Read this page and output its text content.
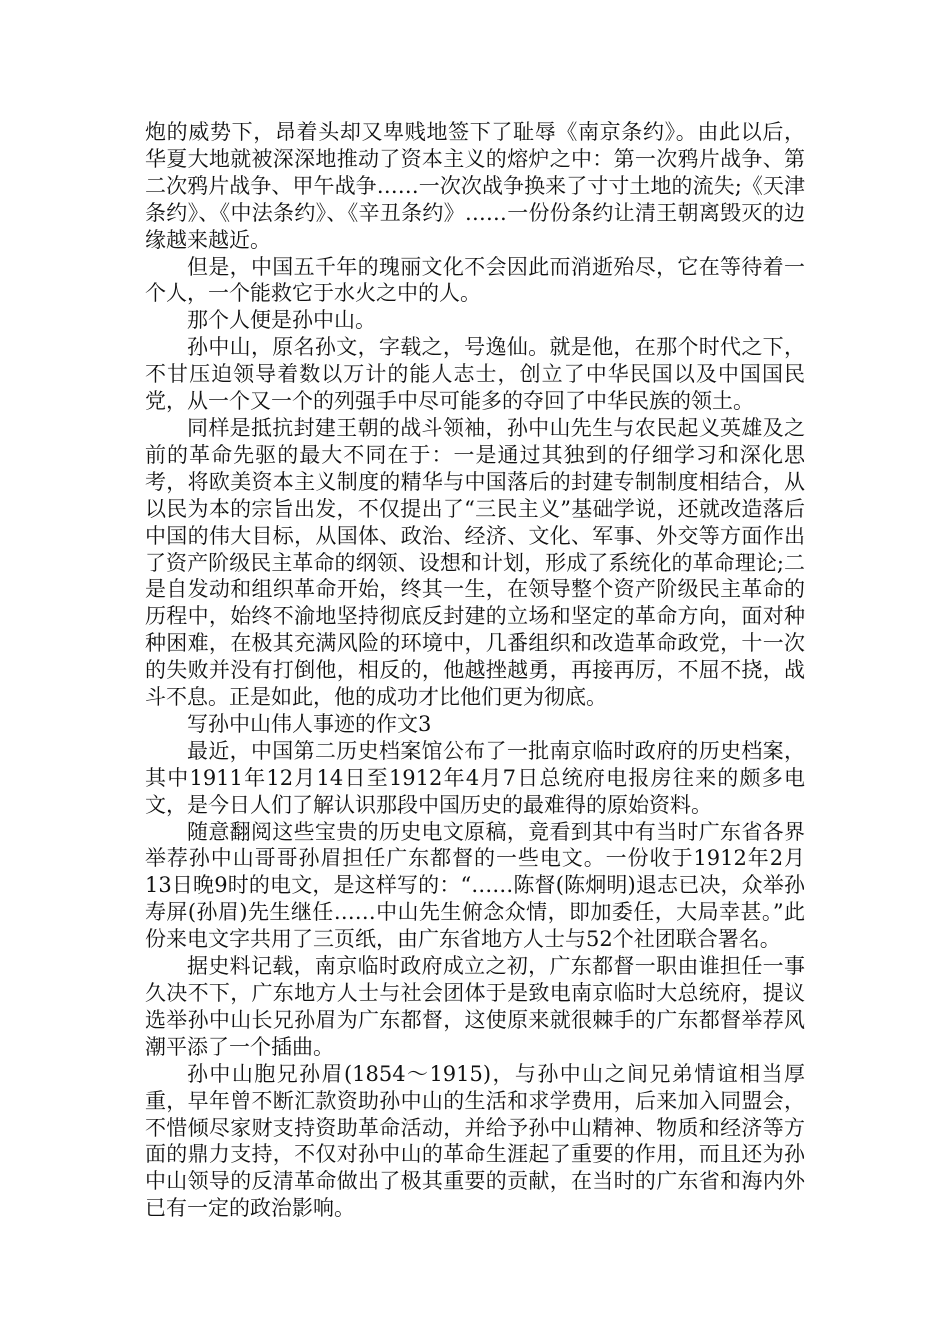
炮的威势下，昂着头却又卑贱地签下了耻辱《南京条约》。由此以后，华夏大地就被深深地推动了资本主义的熔炉之中：第一次鸦片战争、第二次鸦片战争、甲午战争……一次次战争换来了寸寸土地的流失;《天津条约》、《中法条约》、《辛丑条约》……一份份条约让清王朝离毁灭的边缘越来越近。

但是，中国五千年的瑰丽文化不会因此而消逝殆尽，它在等待着一个人，一个能救它于水火之中的人。

那个人便是孙中山。

孙中山，原名孙文，字载之，号逸仙。就是他，在那个时代之下，不甘压迫领导着数以万计的能人志士，创立了中华民国以及中国国民党，从一个又一个的列强手中尽可能多的夺回了中华民族的领土。

同样是抵抗封建王朝的战斗领袖，孙中山先生与农民起义英雄及之前的革命先驱的最大不同在于：一是通过其独到的仔细学习和深化思考，将欧美资本主义制度的精华与中国落后的封建专制制度相结合，从以民为本的宗旨出发，不仅提出了“三民主义”基础学说，还就改造落后中国的伟大目标，从国体、政治、经济、文化、军事、外交等方面作出了资产阶级民主革命的纲领、设想和计划，形成了系统化的革命理论;二是自发动和组织革命开始，终其一生，在领导整个资产阶级民主革命的历程中，始终不渝地坚持彻底反封建的立场和坚定的革命方向，面对种种困难，在极其充满风险的环境中，几番组织和改造革命政党，十一次的失败并没有打倒他，相反的，他越挫越勇，再接再厉，不屈不挠，战斗不息。正是如此，他的成功才比他们更为彻底。

写孙中山伟人事迹的作文3

最近，中国第二历史档案馆公布了一批南京临时政府的历史档案，其中1911年12月14日至1912年4月7日总统府电报房往来的颇多电文，是今日人们了解认识那段中国历史的最难得的原始资料。

随意翻阅这些宝贵的历史电文原稿，竟看到其中有当时广东省各界举荐孙中山哥哥孙眉担任广东都督的一些电文。一份收于1912年2月13日晚9时的电文，是这样写的：“……陈督(陈炯明)退志已决，众举孙寿屏(孙眉)先生继任……中山先生俯念众情，即加委任，大局幸甚。”此份来电文字共用了三页纸，由广东省地方人士与52个社团联合署名。

据史料记载，南京临时政府成立之初，广东都督一职由谁担任一事久决不下，广东地方人士与社会团体于是致电南京临时大总统府，提议选举孙中山长兄孙眉为广东都督，这使原来就很棘手的广东都督举荐风潮平添了一个插曲。

孙中山胞兄孙眉(1854～1915)，与孙中山之间兄弟情谊相当厚重，早年曾不断汇款资助孙中山的生活和求学费用，后来加入同盟会，不惜倾尽家财支持资助革命活动，并给予孙中山精神、物质和经济等方面的鼎力支持，不仅对孙中山的革命生涯起了重要的作用，而且还为孙中山领导的反清革命做出了极其重要的贡献，在当时的广东省和海内外已有一定的政治影响。
